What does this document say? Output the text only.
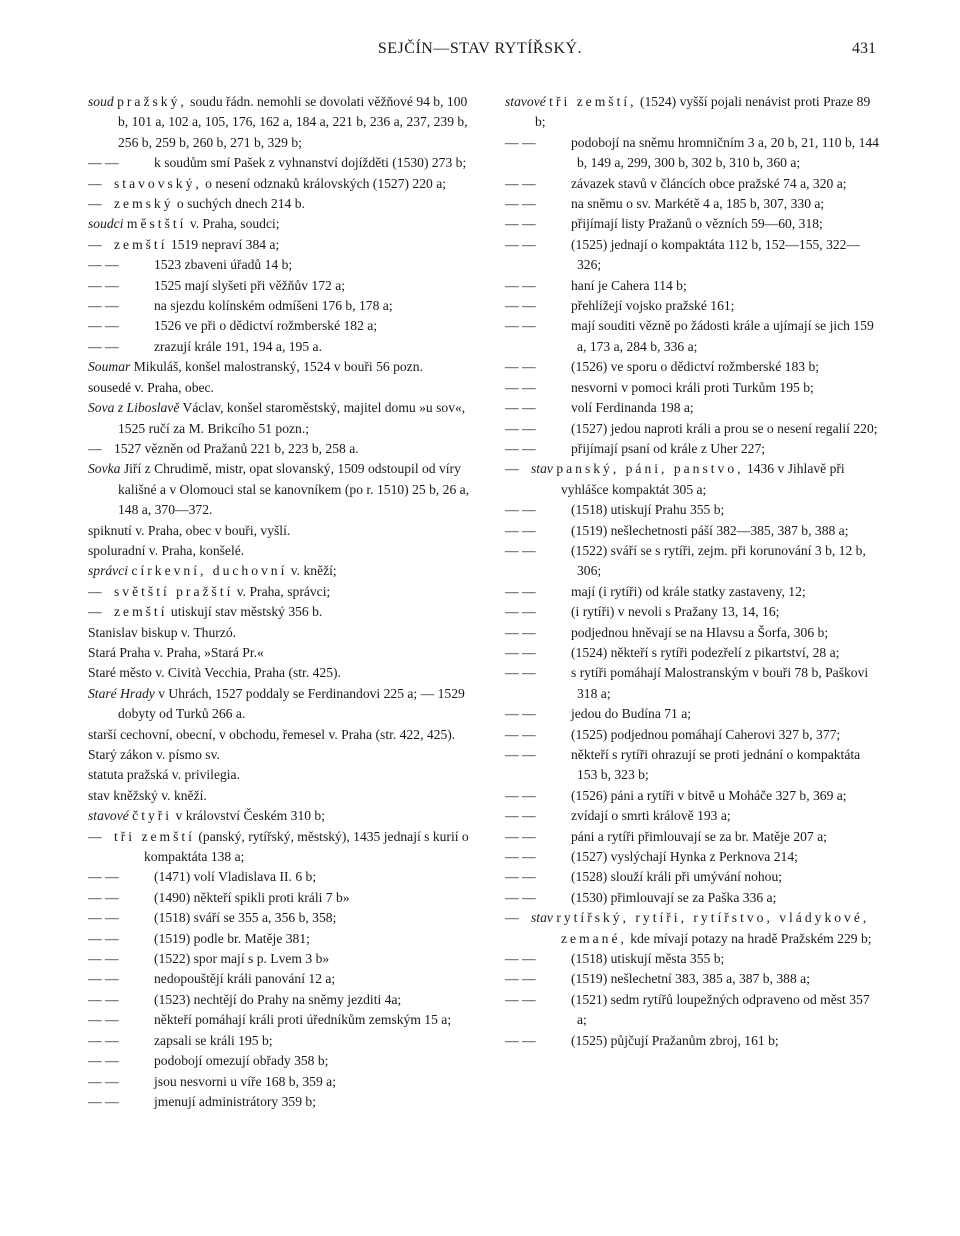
SEJČÍN—STAV RYTÍŘSKÝ.	431

soud pražský, soudu řádn. nemohli se dovolati věžňové 94 b, 100 b, 101 a, 102 a, 105, 176, 162 a, 184 a, 221 b, 236 a, 237, 239 b, 256 b, 259 b, 260 b, 271 b, 329 b;

— —	k soudům smí Pašek z vyhnanství dojížděti (1530) 273 b;

— stavovský, o nesení odznaků královských (1527) 220 a;

— zemský o suchých dnech 214 b.

soudci městští v. Praha, soudci;

— zemští 1519 nepraví 384 a;

— —	1523 zbaveni úřadů 14 b;

— —	1525 mají slyšeti při věžňův 172 a;

— —	na sjezdu kolínském odmíšeni 176 b, 178 a;

— —	1526 ve při o dědictví rožmberské 182 a;

— —	zrazují krále 191, 194 a, 195 a.

Soumar Mikuláš, konšel malostranský, 1524 v bouři 56 pozn.

sousedé v. Praha, obec.

Sova z Liboslavě Václav, konšel staroměstský, majitel domu »u sov«, 1525 ručí za M. Brikcího 51 pozn.;

— 1527 vězněn od Pražanů 221 b, 223 b, 258 a.

Sovka Jiří z Chrudimě, mistr, opat slovanský, 1509 odstoupil od víry kališné a v Olomouci stal se kanovníkem (po r. 1510) 25 b, 26 a, 148 a, 370—372.

spiknutí v. Praha, obec v bouři, vyšlí.

spoluradní v. Praha, konšelé.

správci církevní, duchovní v. kněží;

— světští pražští v. Praha, správci;

— zemští utiskují stav městský 356 b.

Stanislav biskup v. Thurzó.

Stará Praha v. Praha, »Stará Pr.«

Staré město v. Cività Vecchia, Praha (str. 425).

Staré Hrady v Uhrách, 1527 poddaly se Ferdinandovi 225 a; — 1529 dobyty od Turků 266 a.

starší cechovní, obecní, v obchodu, řemesel v. Praha (str. 422, 425).

Starý zákon v. písmo sv.

statuta pražská v. privilegia.

stav kněžský v. kněží.

stavové čtyři v království Českém 310 b;

— tři zemští (panský, rytířský, městský), 1435 jednají s kurií o kompaktáta 138 a;

— —	(1471) volí Vladislava II. 6 b;

— —	(1490) někteří spikli proti králi 7 b»

— —	(1518) sváří se 355 a, 356 b, 358;

— —	(1519) podle br. Matěje 381;

— —	(1522) spor mají s p. Lvem 3 b»

— —	nedopouštějí králi panování 12 a;

— —	(1523) nechtějí do Prahy na sněmy jezditi 4a;

— —	někteří pomáhají králi proti úředníkům zemským 15 a;

— —	zapsali se králi 195 b;

— —	podobojí omezují obřady 358 b;

— —	jsou nesvorni u víře 168 b, 359 a;

— —	jmenují administrátory 359 b;

stavové tři zemští, (1524) vyšší pojali nenávist proti Praze 89 b;

— —	podobojí na sněmu hromničním 3 a, 20 b, 21, 110 b, 144 b, 149 a, 299, 300 b, 302 b, 310 b, 360 a;

— —	závazek stavů v článcích obce pražské 74 a, 320 a;

— —	na sněmu o sv. Markétě 4 a, 185 b, 307, 330 a;

— —	přijímají listy Pražanů o vězních 59—60, 318;

— —	(1525) jednají o kompaktáta 112 b, 152—155, 322—326;

— —	haní je Cahera 114 b;

— —	přehlížejí vojsko pražské 161;

— —	mají souditi vězně po žádosti krále a ujímají se jich 159 a, 173 a, 284 b, 336 a;

— —	(1526) ve sporu o dědictví rožmberské 183 b;

— —	nesvorni v pomoci králi proti Turkům 195 b;

— —	volí Ferdinanda 198 a;

— —	(1527) jedou naproti králi a prou se o nesení regalií 220;

— —	přijímají psaní od krále z Uher 227;

— stav panský, páni, panstvo, 1436 v Jihlavě při vyhlášce kompaktát 305 a;

— —	(1518) utiskují Prahu 355 b;

— —	(1519) nešlechetnosti páší 382—385, 387 b, 388 a;

— —	(1522) sváří se s rytíři, zejm. při korunování 3 b, 12 b, 306;

— —	mají (i rytíři) od krále statky zastaveny, 12;

— —	(i rytíři) v nevoli s Pražany 13, 14, 16;

— —	podjednou hněvají se na Hlavsu a Šorfa, 306 b;

— —	(1524) někteří s rytíři podezřelí z pikartství, 28 a;

— —	s rytíři pomáhají Malostranským v bouři 78 b, Paškovi 318 a;

— —	jedou do Budína 71 a;

— —	(1525) podjednou pomáhají Caherovi 327 b, 377;

— —	někteří s rytíři ohrazují se proti jednání o kompaktáta 153 b, 323 b;

— —	(1526) páni a rytíři v bitvě u Moháče 327 b, 369 a;

— —	zvídají o smrti králově 193 a;

— —	páni a rytíři přimlouvají se za br. Matěje 207 a;

— —	(1527) vyslýchají Hynka z Perknova 214;

— —	(1528) slouží králi při umývání nohou;

— —	(1530) přimlouvají se za Paška 336 a;

— stav rytířský, rytíři, rytířstvo, vládykové, zemané, kde mívají potazy na hradě Pražském 229 b;

— —	(1518) utiskují města 355 b;

— —	(1519) nešlechetní 383, 385 a, 387 b, 388 a;

— —	(1521) sedm rytířů loupežných odpraveno od měst 357 a;

— —	(1525) půjčují Pražanům zbroj, 161 b;
